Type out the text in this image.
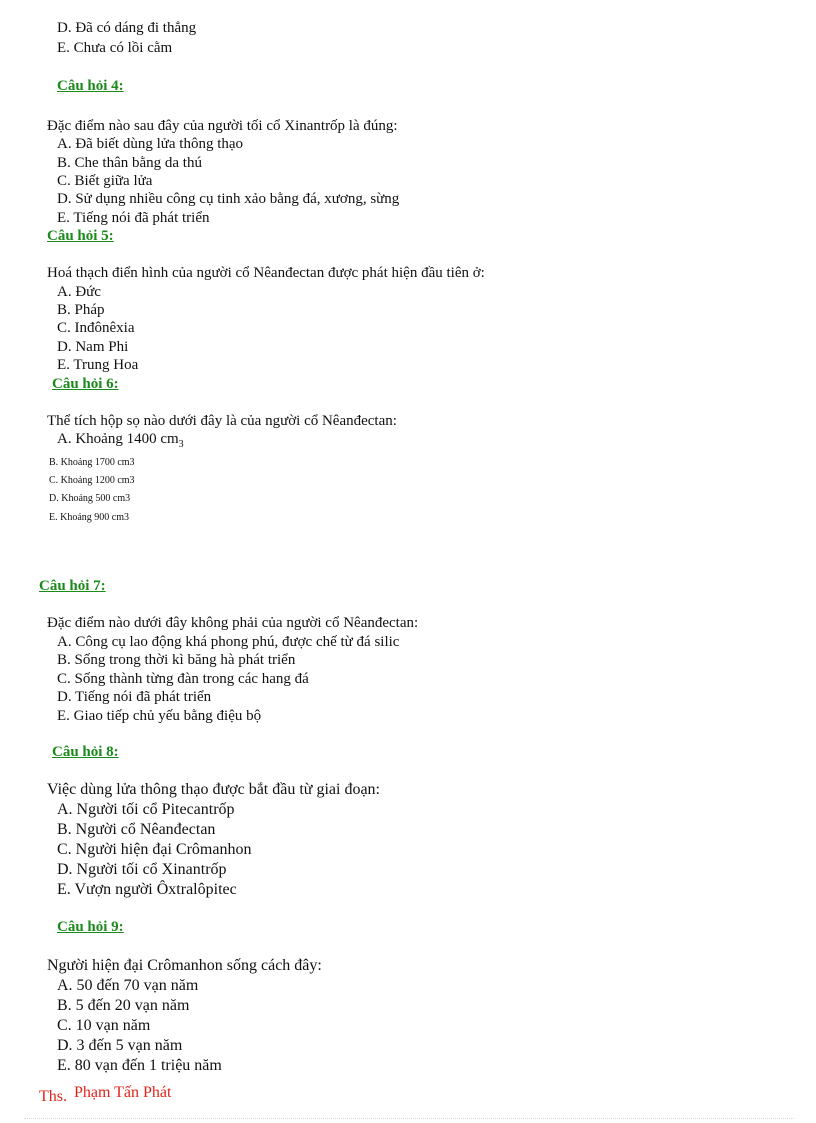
D. Đã có dáng đi thẳng
E. Chưa có lồi cằm
Câu hỏi 4:
Đặc điểm nào sau đây của người tối cổ Xinantrốp là đúng:
A. Đã biết dùng lửa thông thạo
B. Che thân bằng da thú
C. Biết giữa lửa
D. Sử dụng nhiều công cụ tinh xảo bằng đá, xương, sừng
E. Tiếng nói đã phát triển
Câu hỏi 5:
Hoá thạch điển hình của người cổ Nêanđectan được phát hiện đầu tiên ở:
A. Đức
B. Pháp
C. Inđônêxia
D. Nam Phi
E. Trung Hoa
Câu hỏi 6:
Thể tích hộp sọ nào dưới đây là của người cổ Nêanđectan:
A. Khoảng 1400 $cm_3$
B. Khoảng 1700 cm3
C. Khoảng 1200 cm3
D. Khoảng 500 cm3
E. Khoảng 900 cm3
Câu hỏi 7:
Đặc điểm nào dưới đây không phải của người cổ Nêanđectan:
A. Công cụ lao động khá phong phú, được chế từ đá silic
B. Sống trong thời kì băng hà phát triển
C. Sống thành từng đàn trong các hang đá
D. Tiếng nói đã phát triển
E. Giao tiếp chủ yếu bằng điệu bộ
Câu hỏi 8:
Việc dùng lửa thông thạo được bắt đầu từ giai đoạn:
A. Người tối cổ Pitecantrốp
B. Người cổ Nêanđectan
C. Người hiện đại Crômanhon
D. Người tối cổ Xinantrốp
E. Vượn người Ôxtralôpitec
Câu hỏi 9:
Người hiện đại Crômanhon sống cách đây:
A. 50 đến 70 vạn năm
B. 5 đến 20 vạn năm
C. 10 vạn năm
D. 3 đến 5 vạn năm
E. 80 vạn đến 1 triệu năm
Ths. Phạm Tấn Phát
